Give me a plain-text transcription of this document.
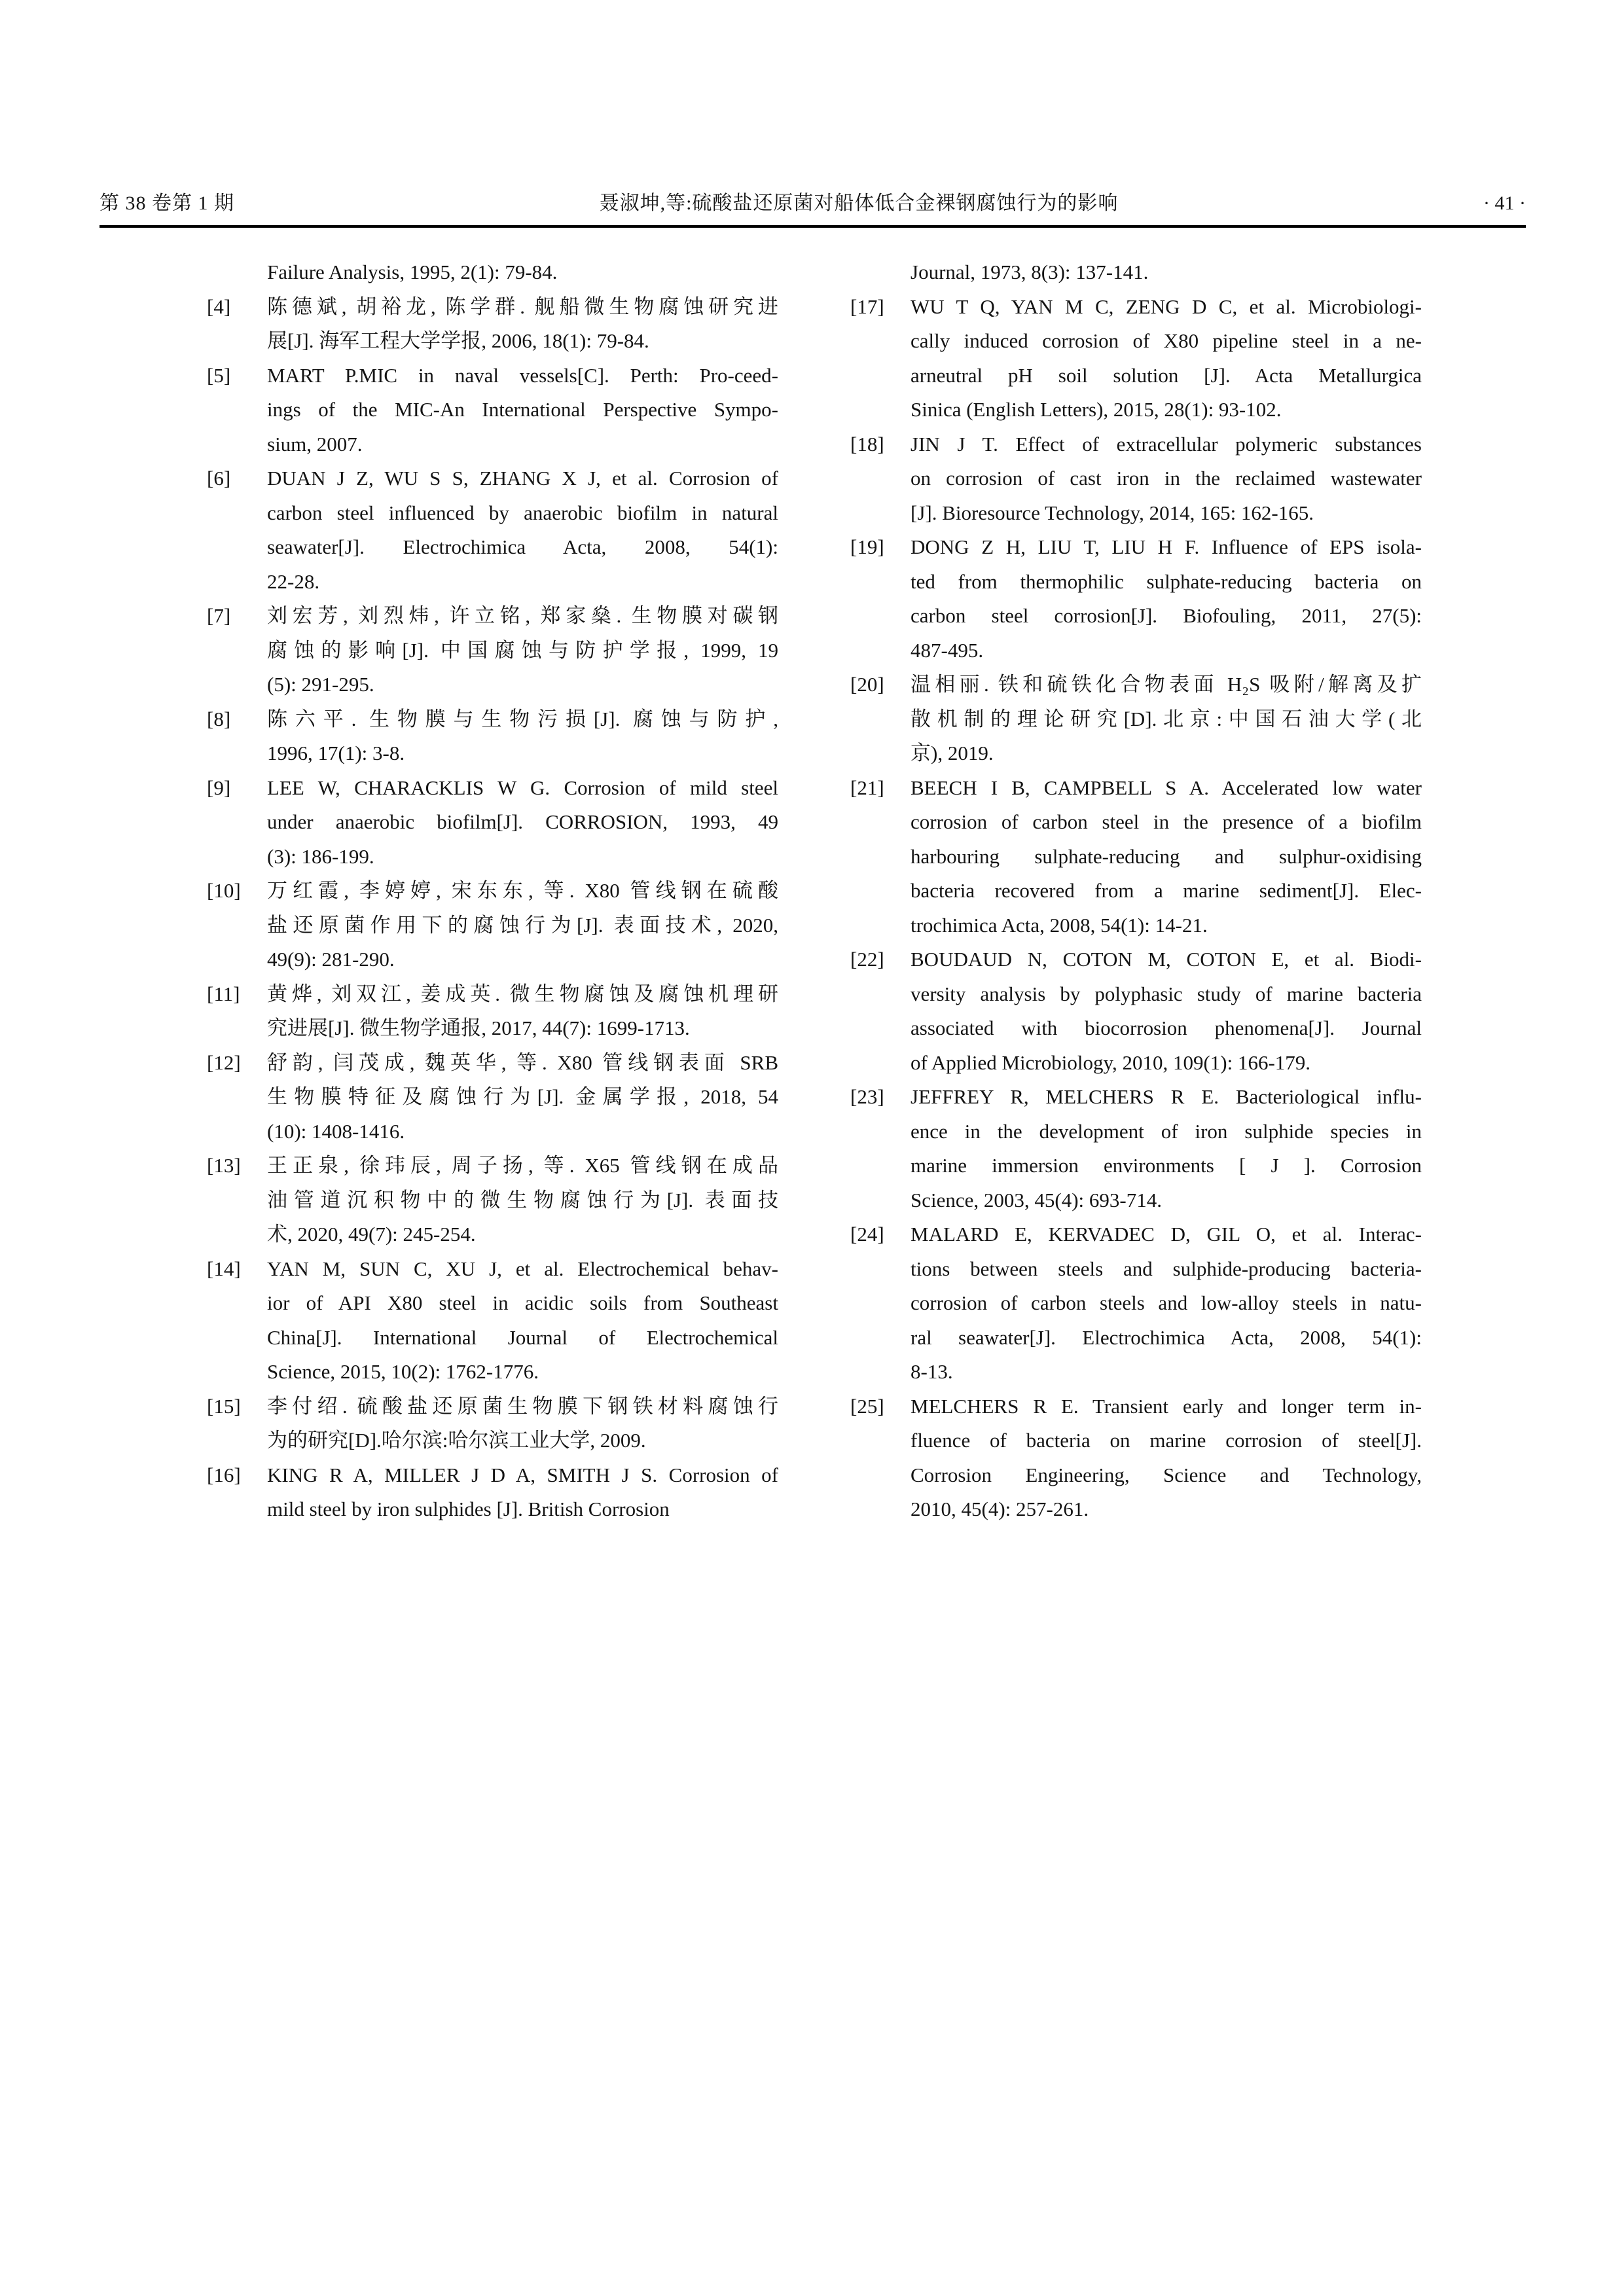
第 38 卷第 1 期	聂淑坤,等:硫酸盐还原菌对船体低合金裸钢腐蚀行为的影响	· 41 ·
Failure Analysis, 1995, 2(1): 79-84.
[4]	陈德斌, 胡裕龙, 陈学群. 舰船微生物腐蚀研究进
展[J]. 海军工程大学学报, 2006, 18(1): 79-84.
[5]	MART P.MIC in naval vessels[C]. Perth: Pro-ceed-
ings of the MIC-An International Perspective Sympo-
sium, 2007.
[6]	DUAN J Z, WU S S, ZHANG X J, et al. Corrosion of
carbon steel influenced by anaerobic biofilm in natural
seawater[J]. Electrochimica Acta, 2008, 54(1):
22-28.
[7]	刘宏芳, 刘烈炜, 许立铭, 郑家燊. 生物膜对碳钢
腐蚀的影响[J]. 中国腐蚀与防护学报, 1999, 19
(5): 291-295.
[8]	陈六平. 生物膜与生物污损[J]. 腐蚀与防护,
1996, 17(1): 3-8.
[9]	LEE W, CHARACKLIS W G. Corrosion of mild steel
under anaerobic biofilm[J]. CORROSION, 1993, 49
(3): 186-199.
[10]	万红霞, 李婷婷, 宋东东, 等. X80 管线钢在硫酸
盐还原菌作用下的腐蚀行为[J]. 表面技术, 2020,
49(9): 281-290.
[11]	黄烨, 刘双江, 姜成英. 微生物腐蚀及腐蚀机理研
究进展[J]. 微生物学通报, 2017, 44(7): 1699-1713.
[12]	舒韵, 闫茂成, 魏英华, 等. X80 管线钢表面 SRB
生物膜特征及腐蚀行为[J]. 金属学报, 2018, 54
(10): 1408-1416.
[13]	王正泉, 徐玮辰, 周子扬, 等. X65 管线钢在成品
油管道沉积物中的微生物腐蚀行为[J]. 表面技
术, 2020, 49(7): 245-254.
[14]	YAN M, SUN C, XU J, et al. Electrochemical behav-
ior of API X80 steel in acidic soils from Southeast
China[J]. International Journal of Electrochemical
Science, 2015, 10(2): 1762-1776.
[15]	李付绍. 硫酸盐还原菌生物膜下钢铁材料腐蚀行
为的研究[D].哈尔滨:哈尔滨工业大学, 2009.
[16]	KING R A, MILLER J D A, SMITH J S. Corrosion of
mild steel by iron sulphides [J]. British Corrosion
Journal, 1973, 8(3): 137-141.
[17]	WU T Q, YAN M C, ZENG D C, et al. Microbiologi-
cally induced corrosion of X80 pipeline steel in a ne-
arneutral pH soil solution [J]. Acta Metallurgica
Sinica (English Letters), 2015, 28(1): 93-102.
[18]	JIN J T. Effect of extracellular polymeric substances
on corrosion of cast iron in the reclaimed wastewater
[J]. Bioresource Technology, 2014, 165: 162-165.
[19]	DONG Z H, LIU T, LIU H F. Influence of EPS isola-
ted from thermophilic sulphate-reducing bacteria on
carbon steel corrosion[J]. Biofouling, 2011, 27(5):
487-495.
[20]	温相丽. 铁和硫铁化合物表面 H₂S 吸附/解离及扩
散机制的理论研究[D].北京:中国石油大学(北
京), 2019.
[21]	BEECH I B, CAMPBELL S A. Accelerated low water
corrosion of carbon steel in the presence of a biofilm
harbouring sulphate-reducing and sulphur-oxidising
bacteria recovered from a marine sediment[J]. Elec-
trochimica Acta, 2008, 54(1): 14-21.
[22]	BOUDAUD N, COTON M, COTON E, et al. Biodi-
versity analysis by polyphasic study of marine bacteria
associated with biocorrosion phenomena[J]. Journal
of Applied Microbiology, 2010, 109(1): 166-179.
[23]	JEFFREY R, MELCHERS R E. Bacteriological influ-
ence in the development of iron sulphide species in
marine immersion environments [ J ]. Corrosion
Science, 2003, 45(4): 693-714.
[24]	MALARD E, KERVADEC D, GIL O, et al. Interac-
tions between steels and sulphide-producing bacteria-
corrosion of carbon steels and low-alloy steels in natu-
ral seawater[J]. Electrochimica Acta, 2008, 54(1):
8-13.
[25]	MELCHERS R E. Transient early and longer term in-
fluence of bacteria on marine corrosion of steel[J].
Corrosion Engineering, Science and Technology,
2010, 45(4): 257-261.
